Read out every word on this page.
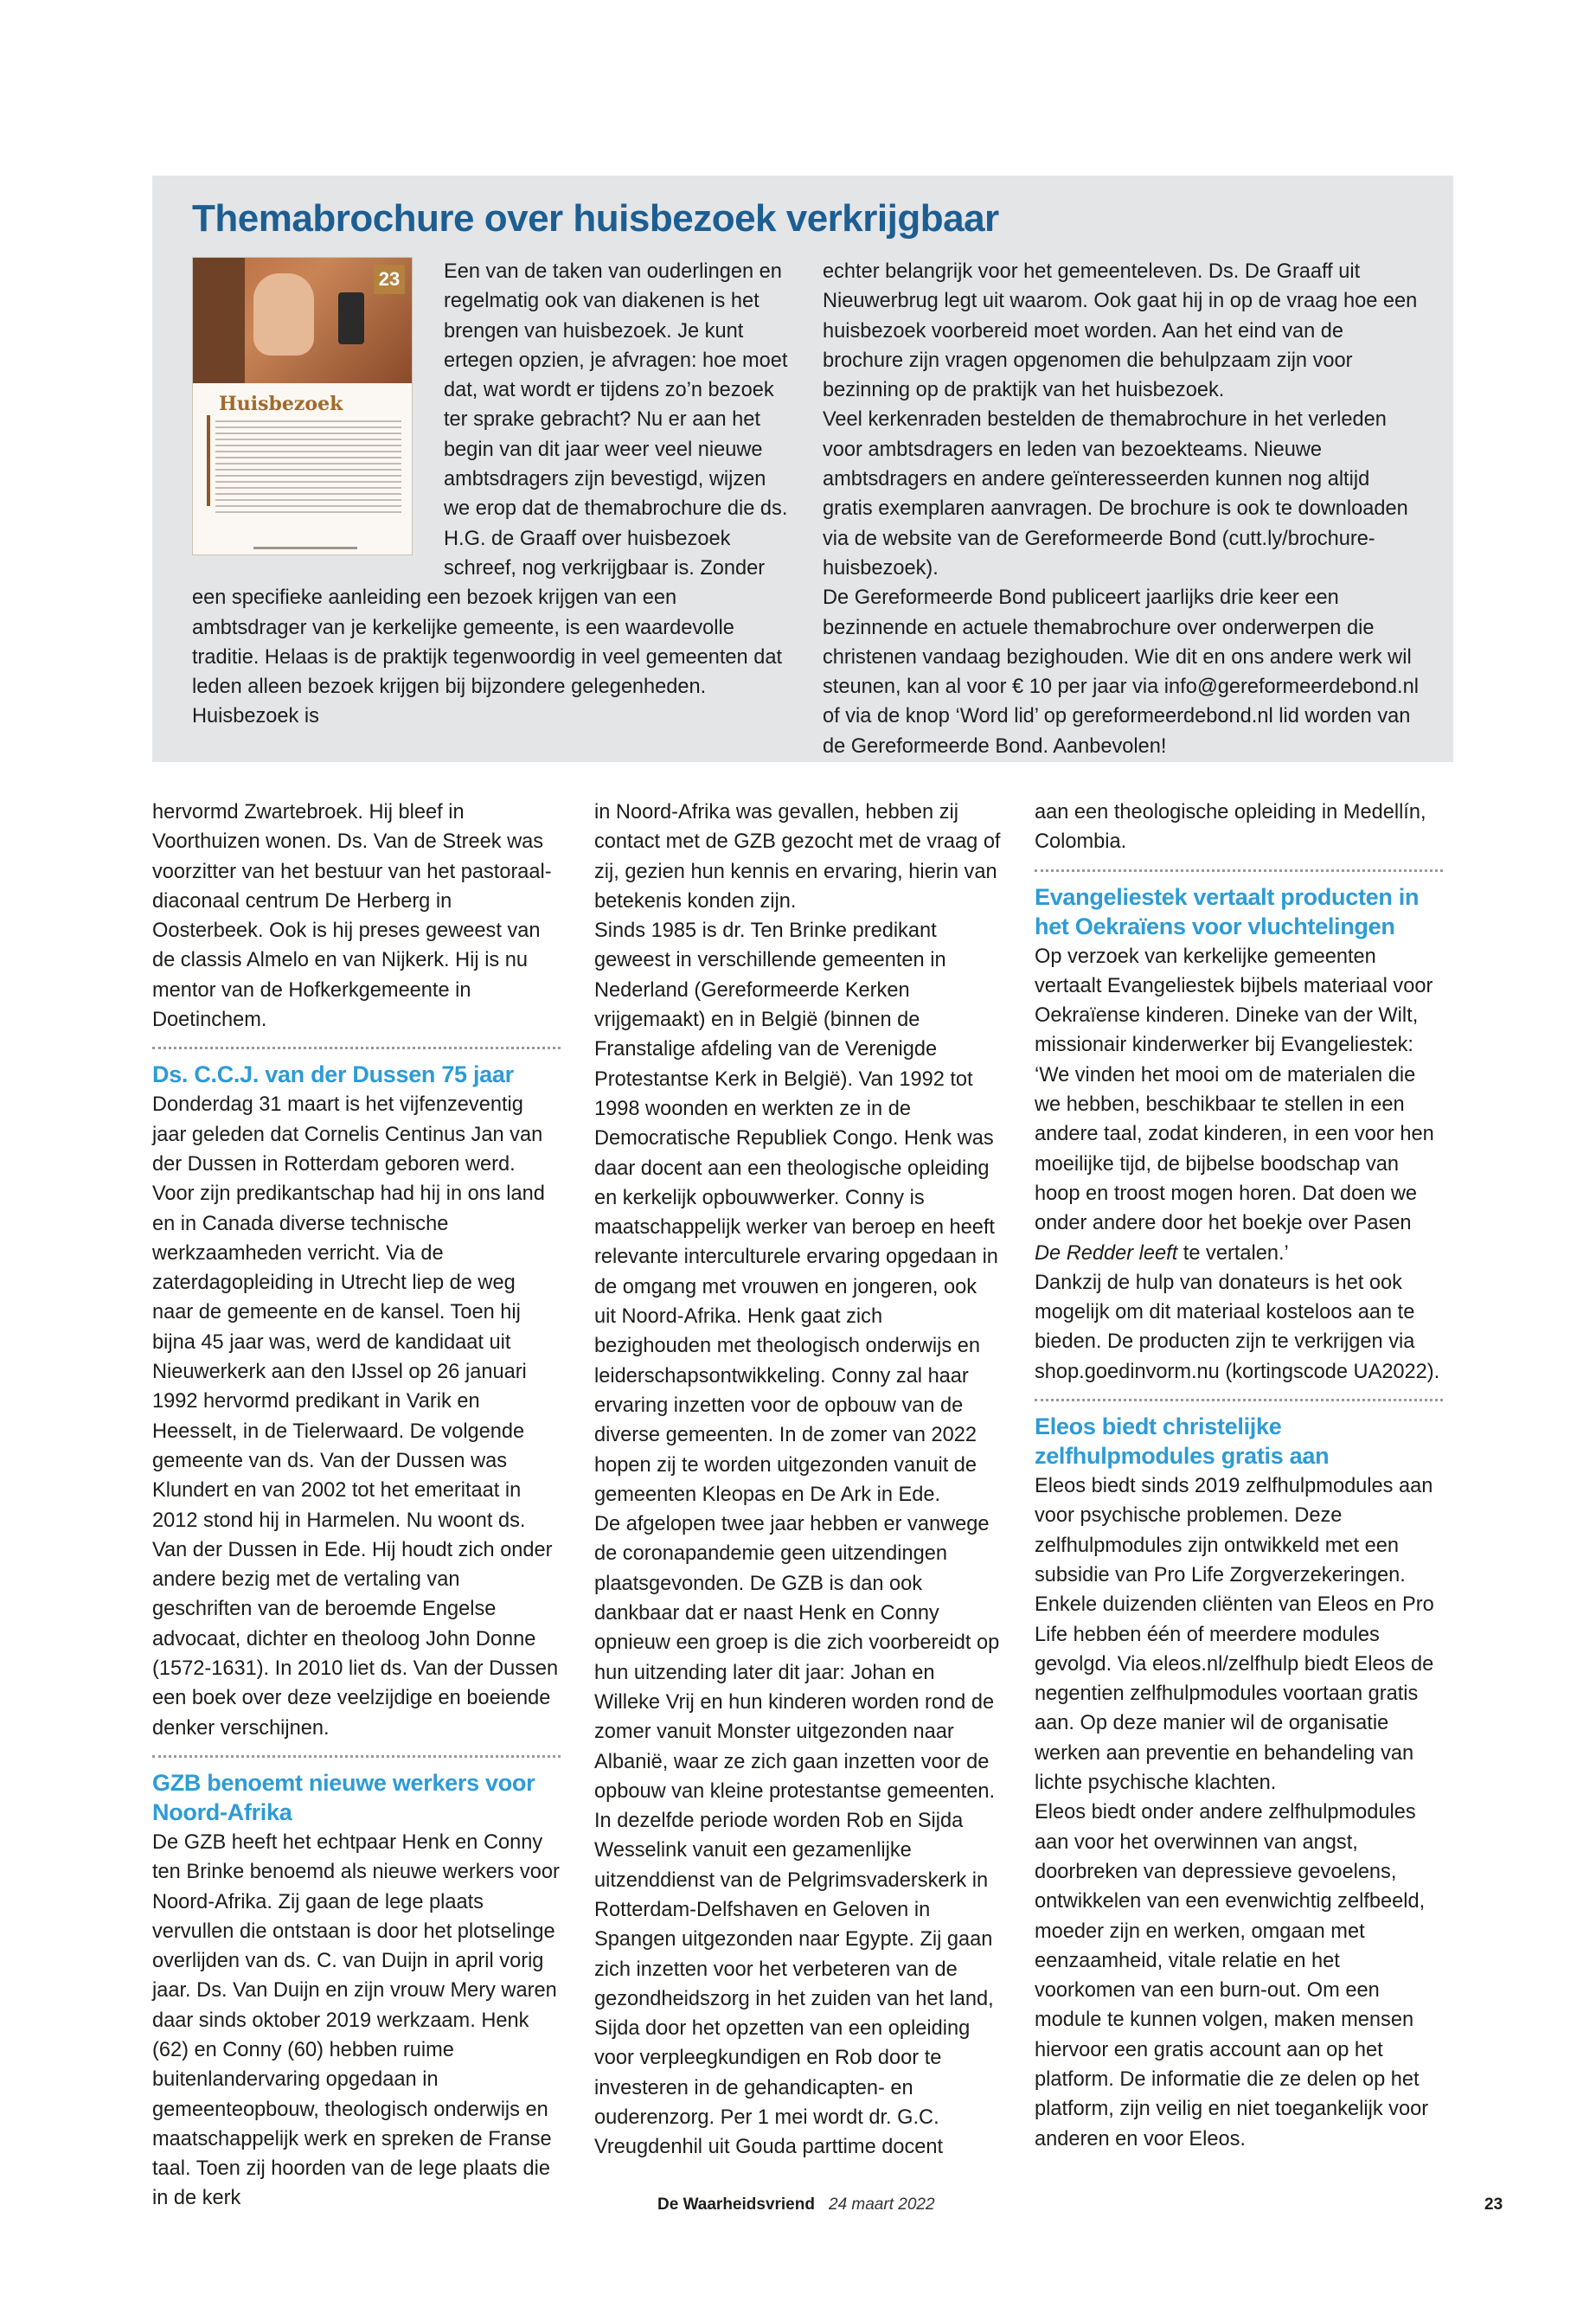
Themabrochure over huisbezoek verkrijgbaar
23
Huisbezoek

Een van de taken van ouderlingen en regelmatig ook van diakenen is het brengen van huisbezoek. Je kunt ertegen opzien, je afvragen: hoe moet dat, wat wordt er tijdens zo’n bezoek ter sprake gebracht? Nu er aan het begin van dit jaar weer veel nieuwe ambtsdragers zijn bevestigd, wijzen we erop dat de themabrochure die ds. H.G. de Graaff over huisbezoek schreef, nog verkrijgbaar is. Zonder een specifieke aanleiding een bezoek krijgen van een ambtsdrager van je kerkelijke gemeente, is een waardevolle traditie. Helaas is de praktijk tegenwoordig in veel gemeenten dat leden alleen bezoek krijgen bij bijzondere gelegenheden. Huisbezoek is

echter belangrijk voor het gemeenteleven. Ds. De Graaff uit Nieuwerbrug legt uit waarom. Ook gaat hij in op de vraag hoe een huisbezoek voorbereid moet worden. Aan het eind van de brochure zijn vragen opgenomen die behulpzaam zijn voor bezinning op de praktijk van het huisbezoek.

Veel kerkenraden bestelden de themabrochure in het verleden voor ambtsdragers en leden van bezoekteams. Nieuwe ambtsdragers en andere geïnteresseerden kunnen nog altijd gratis exemplaren aanvragen. De brochure is ook te downloaden via de website van de Gereformeerde Bond (cutt.ly/brochure-huisbezoek).

De Gereformeerde Bond publiceert jaarlijks drie keer een bezinnende en actuele themabrochure over onderwerpen die christenen vandaag bezighouden. Wie dit en ons andere werk wil steunen, kan al voor € 10 per jaar via info@gereformeerdebond.nl of via de knop ‘Word lid’ op gereformeerdebond.nl lid worden van de Gereformeerde Bond. Aanbevolen!

hervormd Zwartebroek. Hij bleef in Voorthuizen wonen. Ds. Van de Streek was voorzitter van het bestuur van het pastoraal-diaconaal centrum De Herberg in Oosterbeek. Ook is hij preses geweest van de classis Almelo en van Nijkerk. Hij is nu mentor van de Hofkerkgemeente in Doetinchem.

Ds. C.C.J. van der Dussen 75 jaar

Donderdag 31 maart is het vijfenzeventig jaar geleden dat Cornelis Centinus Jan van der Dussen in Rotterdam geboren werd. Voor zijn predikantschap had hij in ons land en in Canada diverse technische werkzaamheden verricht. Via de zaterdagopleiding in Utrecht liep de weg naar de gemeente en de kansel. Toen hij bijna 45 jaar was, werd de kandidaat uit Nieuwerkerk aan den IJssel op 26 januari 1992 hervormd predikant in Varik en Heesselt, in de Tielerwaard. De volgende gemeente van ds. Van der Dussen was Klundert en van 2002 tot het emeritaat in 2012 stond hij in Harmelen. Nu woont ds. Van der Dussen in Ede. Hij houdt zich onder andere bezig met de vertaling van geschriften van de beroemde Engelse advocaat, dichter en theoloog John Donne (1572-1631). In 2010 liet ds. Van der Dussen een boek over deze veelzijdige en boeiende denker verschijnen.

GZB benoemt nieuwe werkers voor Noord-Afrika

De GZB heeft het echtpaar Henk en Conny ten Brinke benoemd als nieuwe werkers voor Noord-Afrika. Zij gaan de lege plaats vervullen die ontstaan is door het plotselinge overlijden van ds. C. van Duijn in april vorig jaar. Ds. Van Duijn en zijn vrouw Mery waren daar sinds oktober 2019 werkzaam. Henk (62) en Conny (60) hebben ruime buitenlandervaring opgedaan in gemeenteopbouw, theologisch onderwijs en maatschappelijk werk en spreken de Franse taal. Toen zij hoorden van de lege plaats die in de kerk

in Noord-Afrika was gevallen, hebben zij contact met de GZB gezocht met de vraag of zij, gezien hun kennis en ervaring, hierin van betekenis konden zijn.

Sinds 1985 is dr. Ten Brinke predikant geweest in verschillende gemeenten in Nederland (Gereformeerde Kerken vrijgemaakt) en in België (binnen de Franstalige afdeling van de Verenigde Protestantse Kerk in België). Van 1992 tot 1998 woonden en werkten ze in de Democratische Republiek Congo. Henk was daar docent aan een theologische opleiding en kerkelijk opbouwwerker. Conny is maatschappelijk werker van beroep en heeft relevante interculturele ervaring opgedaan in de omgang met vrouwen en jongeren, ook uit Noord-Afrika. Henk gaat zich bezighouden met theologisch onderwijs en leiderschapsontwikkeling. Conny zal haar ervaring inzetten voor de opbouw van de diverse gemeenten. In de zomer van 2022 hopen zij te worden uitgezonden vanuit de gemeenten Kleopas en De Ark in Ede.

De afgelopen twee jaar hebben er vanwege de coronapandemie geen uitzendingen plaatsgevonden. De GZB is dan ook dankbaar dat er naast Henk en Conny opnieuw een groep is die zich voorbereidt op hun uitzending later dit jaar: Johan en Willeke Vrij en hun kinderen worden rond de zomer vanuit Monster uitgezonden naar Albanië, waar ze zich gaan inzetten voor de opbouw van kleine protestantse gemeenten. In dezelfde periode worden Rob en Sijda Wesselink vanuit een gezamenlijke uitzenddienst van de Pelgrimsvaderskerk in Rotterdam-Delfshaven en Geloven in Spangen uitgezonden naar Egypte. Zij gaan zich inzetten voor het verbeteren van de gezondheidszorg in het zuiden van het land, Sijda door het opzetten van een opleiding voor verpleegkundigen en Rob door te investeren in de gehandicapten- en ouderenzorg. Per 1 mei wordt dr. G.C. Vreugdenhil uit Gouda parttime docent

aan een theologische opleiding in Medellín, Colombia.

Evangeliestek vertaalt producten in het Oekraïens voor vluchtelingen

Op verzoek van kerkelijke gemeenten vertaalt Evangeliestek bijbels materiaal voor Oekraïense kinderen. Dineke van der Wilt, missionair kinderwerker bij Evangeliestek: ‘We vinden het mooi om de materialen die we hebben, beschikbaar te stellen in een andere taal, zodat kinderen, in een voor hen moeilijke tijd, de bijbelse boodschap van hoop en troost mogen horen. Dat doen we onder andere door het boekje over Pasen De Redder leeft te vertalen.’

Dankzij de hulp van donateurs is het ook mogelijk om dit materiaal kosteloos aan te bieden. De producten zijn te verkrijgen via shop.goedinvorm.nu (kortingscode UA2022).

Eleos biedt christelijke zelfhulpmodules gratis aan

Eleos biedt sinds 2019 zelfhulpmodules aan voor psychische problemen. Deze zelfhulpmodules zijn ontwikkeld met een subsidie van Pro Life Zorgverzekeringen. Enkele duizenden cliënten van Eleos en Pro Life hebben één of meerdere modules gevolgd. Via eleos.nl/zelfhulp biedt Eleos de negentien zelfhulpmodules voortaan gratis aan. Op deze manier wil de organisatie werken aan preventie en behandeling van lichte psychische klachten.

Eleos biedt onder andere zelfhulpmodules aan voor het overwinnen van angst, doorbreken van depressieve gevoelens, ontwikkelen van een evenwichtig zelfbeeld, moeder zijn en werken, omgaan met eenzaamheid, vitale relatie en het voorkomen van een burn-out. Om een module te kunnen volgen, maken mensen hiervoor een gratis account aan op het platform. De informatie die ze delen op het platform, zijn veilig en niet toegankelijk voor anderen en voor Eleos.

De Waarheidsvriend 24 maart 2022	23
